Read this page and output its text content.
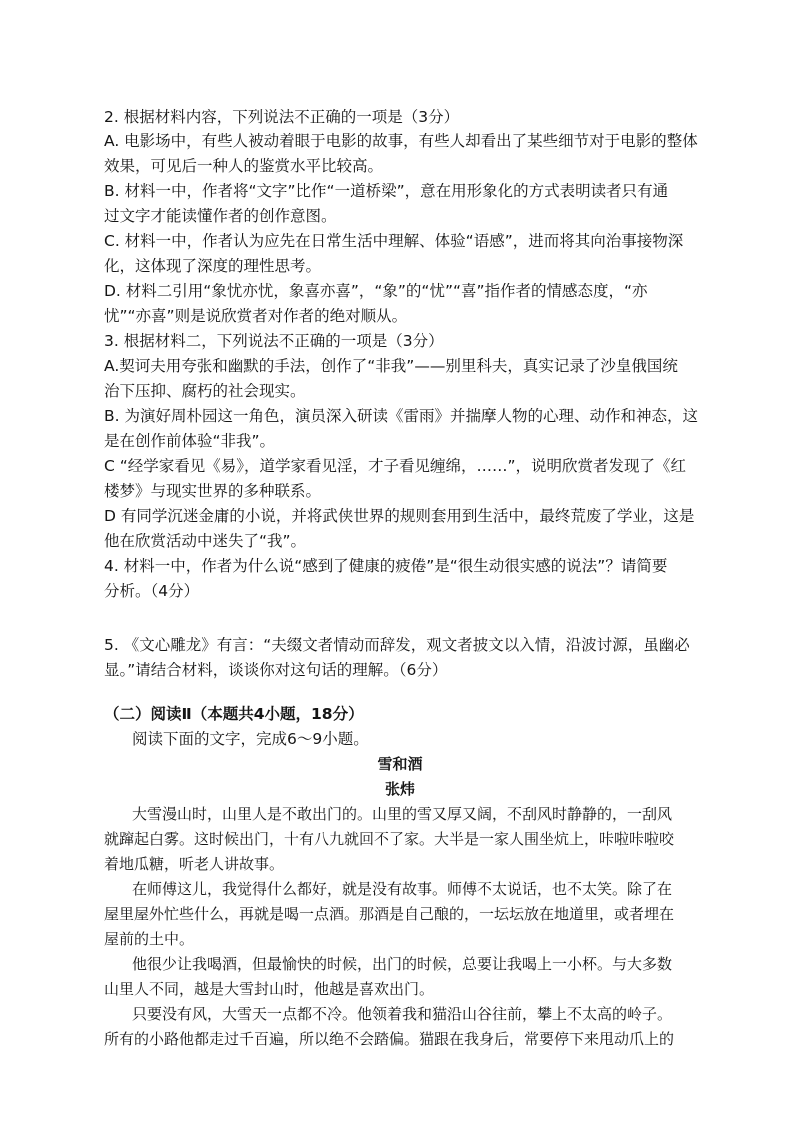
2. 根据材料内容，下列说法不正确的一项是（3分）
A. 电影场中，有些人被动着眼于电影的故事，有些人却看出了某些细节对于电影的整体
效果，可见后一种人的鉴赏水平比较高。
B. 材料一中，作者将“文字”比作“一道桥梁”，意在用形象化的方式表明读者只有通
过文字才能读懂作者的创作意图。
C. 材料一中，作者认为应先在日常生活中理解、体验“语感”，进而将其向治事接物深
化，这体现了深度的理性思考。
D. 材料二引用“象忧亦忧，象喜亦喜”，“象”的“忧”“喜”指作者的情感态度，“亦
忧”“亦喜”则是说欣赏者对作者的绝对顺从。
3. 根据材料二，下列说法不正确的一项是（3分）
A.契诃夫用夸张和幽默的手法，创作了“非我”——别里科夫，真实记录了沙皇俄国统
治下压抑、腐朽的社会现实。
B. 为演好周朴园这一角色，演员深入研读《雷雨》并揣摩人物的心理、动作和神态，这
是在创作前体验“非我”。
C “经学家看见《易》，道学家看见淫，才子看见缠绵，……”，说明欣赏者发现了《红
楼梦》与现实世界的多种联系。
D 有同学沉迷金庸的小说，并将武侠世界的规则套用到生活中，最终荒废了学业，这是
他在欣赏活动中迷失了“我”。
4. 材料一中，作者为什么说“感到了健康的疲倦”是“很生动很实感的说法”？请简要
分析。（4分）
5. 《文心雕龙》有言：“夫缀文者情动而辞发，观文者披文以入情，沿波讨源，虽幽必
显。”请结合材料，谈谈你对这句话的理解。（6分）
（二）阅读Ⅱ（本题共4小题，18分）
阅读下面的文字，完成6～9小题。
雪和酒
张炜
大雪漫山时，山里人是不敢出门的。山里的雪又厚又阔，不刮风时静静的，一刮风
就蹿起白雾。这时候出门，十有八九就回不了家。大半是一家人围坐炕上，咔啦咔啦咬
着地瓜糖，听老人讲故事。
在师傅这儿，我觉得什么都好，就是没有故事。师傅不太说话，也不太笑。除了在
屋里屋外忙些什么，再就是喝一点酒。那酒是自己酿的，一坛坛放在地道里，或者埋在
屋前的土中。
他很少让我喝酒，但最愉快的时候，出门的时候，总要让我喝上一小杯。与大多数
山里人不同，越是大雪封山时，他越是喜欢出门。
只要没有风，大雪天一点都不冷。他领着我和猫沿山谷往前，攀上不太高的岭子。
所有的小路他都走过千百遍，所以绝不会踏偏。猫跟在我身后，常要停下来甩动爪上的
